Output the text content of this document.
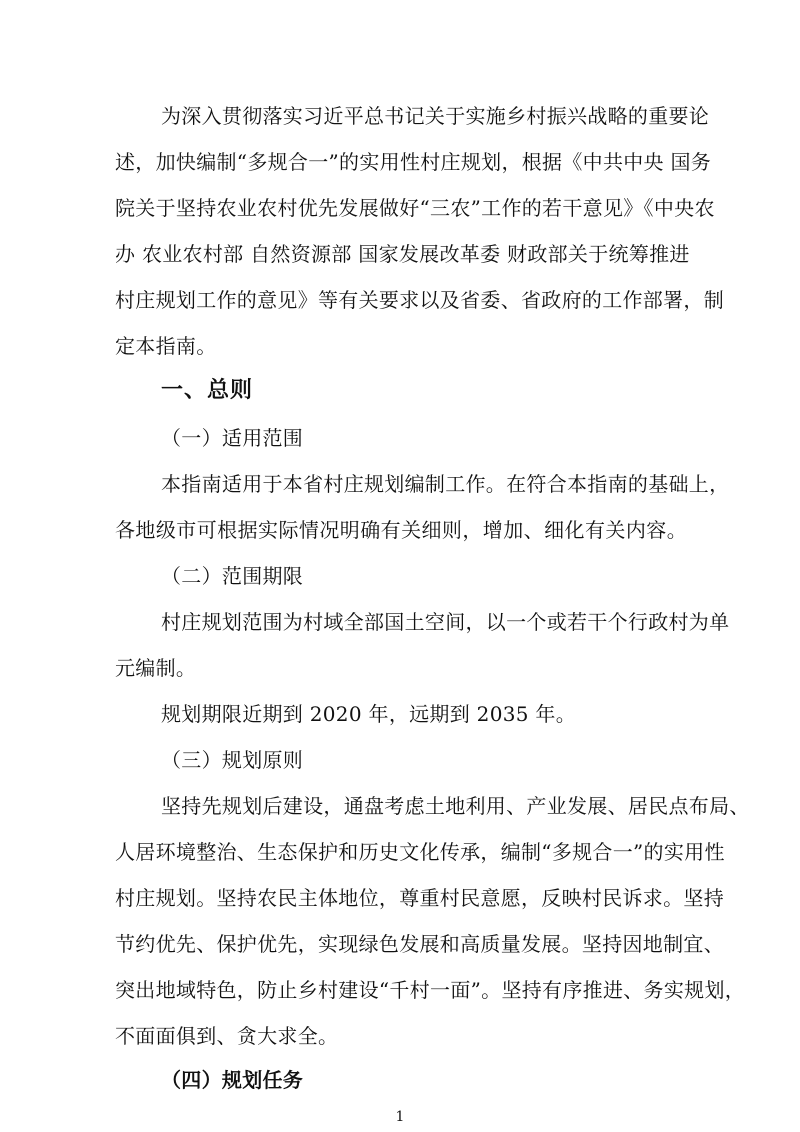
为深入贯彻落实习近平总书记关于实施乡村振兴战略的重要论
述，加快编制“多规合一”的实用性村庄规划，根据《中共中央 国务
院关于坚持农业农村优先发展做好“三农”工作的若干意见》《中央农
办 农业农村部 自然资源部 国家发展改革委 财政部关于统筹推进
村庄规划工作的意见》等有关要求以及省委、省政府的工作部署，制
定本指南。
一、总则
（一）适用范围
本指南适用于本省村庄规划编制工作。在符合本指南的基础上，
各地级市可根据实际情况明确有关细则，增加、细化有关内容。
（二）范围期限
村庄规划范围为村域全部国土空间，以一个或若干个行政村为单
元编制。
规划期限近期到 2020 年，远期到 2035 年。
（三）规划原则
坚持先规划后建设，通盘考虑土地利用、产业发展、居民点布局、
人居环境整治、生态保护和历史文化传承，编制“多规合一”的实用性
村庄规划。坚持农民主体地位，尊重村民意愿，反映村民诉求。坚持
节约优先、保护优先，实现绿色发展和高质量发展。坚持因地制宜、
突出地域特色，防止乡村建设“千村一面”。坚持有序推进、务实规划，
不面面俱到、贪大求全。
（四）规划任务
1
